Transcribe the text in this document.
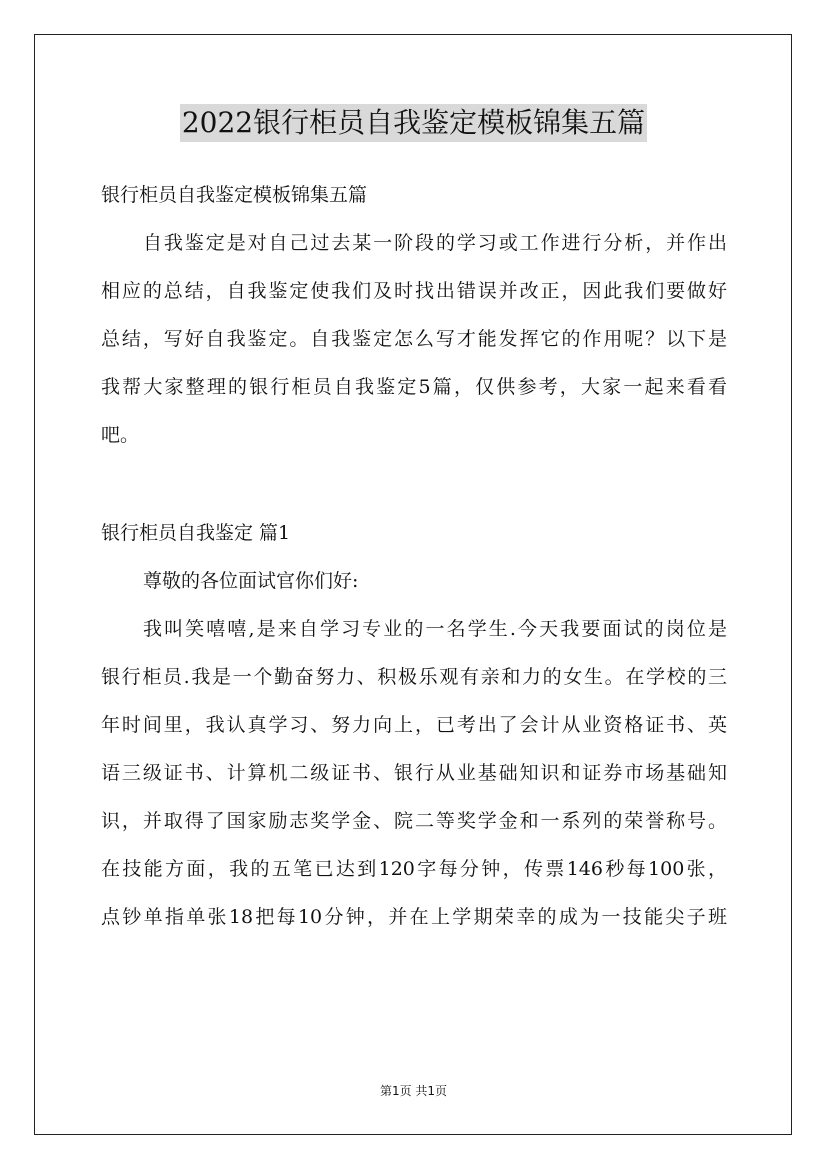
2022银行柜员自我鉴定模板锦集五篇
银行柜员自我鉴定模板锦集五篇
自我鉴定是对自己过去某一阶段的学习或工作进行分析，并作出
相应的总结，自我鉴定使我们及时找出错误并改正，因此我们要做好
总结，写好自我鉴定。自我鉴定怎么写才能发挥它的作用呢？以下是
我帮大家整理的银行柜员自我鉴定5篇，仅供参考，大家一起来看看
吧。
银行柜员自我鉴定 篇1
尊敬的各位面试官你们好:
我叫笑嘻嘻,是来自学习专业的一名学生.今天我要面试的岗位是
银行柜员.我是一个勤奋努力、积极乐观有亲和力的女生。在学校的三
年时间里，我认真学习、努力向上，已考出了会计从业资格证书、英
语三级证书、计算机二级证书、银行从业基础知识和证券市场基础知
识，并取得了国家励志奖学金、院二等奖学金和一系列的荣誉称号。
在技能方面，我的五笔已达到120字每分钟，传票146秒每100张，
点钞单指单张18把每10分钟，并在上学期荣幸的成为一技能尖子班
第1页 共1页
